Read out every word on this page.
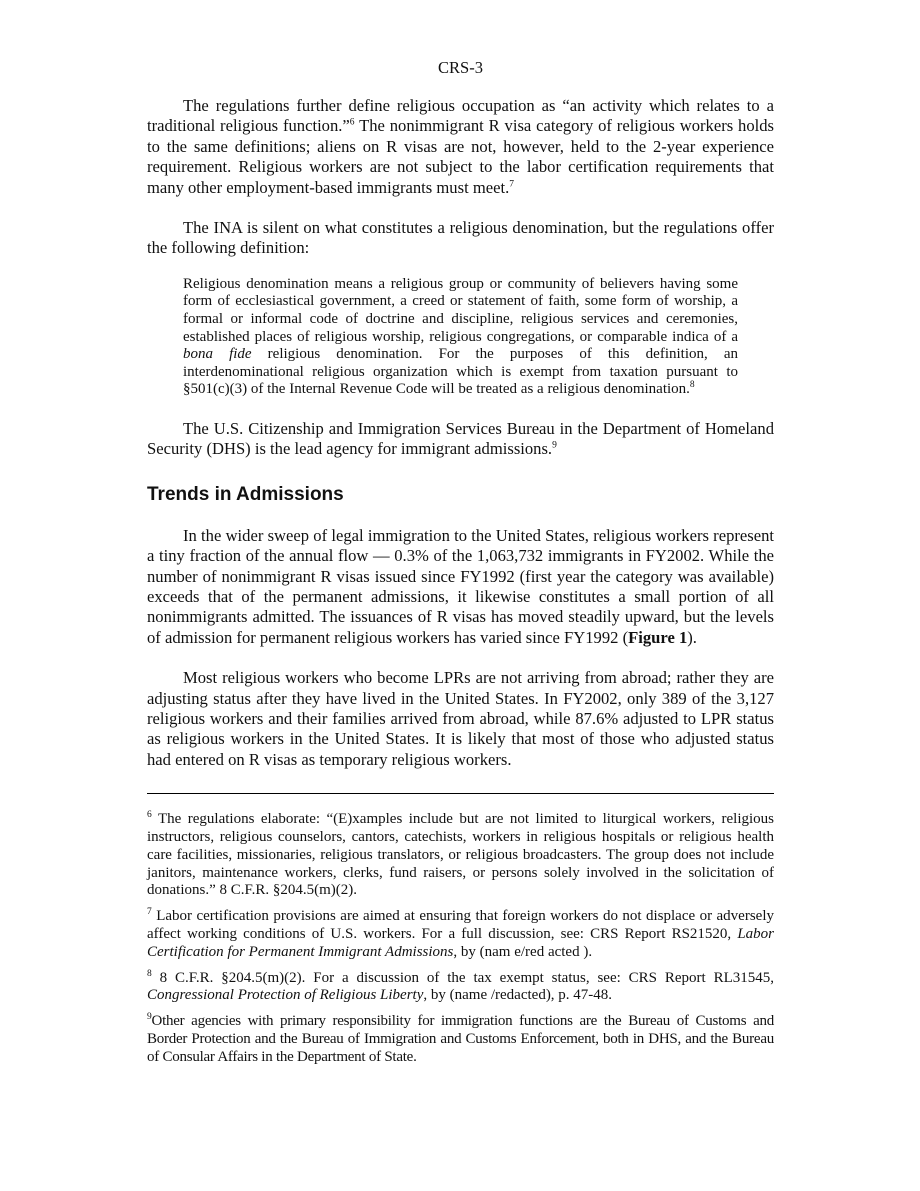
CRS-3

The regulations further define religious occupation as “an activity which relates to a traditional religious function.”$^6$ The nonimmigrant R visa category of religious workers holds to the same definitions; aliens on R visas are not, however, held to the 2-year experience requirement. Religious workers are not subject to the labor certification requirements that many other employment-based immigrants must meet.$^7$

The INA is silent on what constitutes a religious denomination, but the regulations offer the following definition:

Religious denomination means a religious group or community of believers having some form of ecclesiastical government, a creed or statement of faith, some form of worship, a formal or informal code of doctrine and discipline, religious services and ceremonies, established places of religious worship, religious congregations, or comparable indica of a bona fide religious denomination. For the purposes of this definition, an interdenominational religious organization which is exempt from taxation pursuant to §501(c)(3) of the Internal Revenue Code will be treated as a religious denomination.$^8$

The U.S. Citizenship and Immigration Services Bureau in the Department of Homeland Security (DHS) is the lead agency for immigrant admissions.$^9$

Trends in Admissions

In the wider sweep of legal immigration to the United States, religious workers represent a tiny fraction of the annual flow — 0.3% of the 1,063,732 immigrants in FY2002. While the number of nonimmigrant R visas issued since FY1992 (first year the category was available) exceeds that of the permanent admissions, it likewise constitutes a small portion of all nonimmigrants admitted. The issuances of R visas has moved steadily upward, but the levels of admission for permanent religious workers has varied since FY1992 (Figure 1).

Most religious workers who become LPRs are not arriving from abroad; rather they are adjusting status after they have lived in the United States. In FY2002, only 389 of the 3,127 religious workers and their families arrived from abroad, while 87.6% adjusted to LPR status as religious workers in the United States. It is likely that most of those who adjusted status had entered on R visas as temporary religious workers.

$^6$ The regulations elaborate: “(E)xamples include but are not limited to liturgical workers, religious instructors, religious counselors, cantors, catechists, workers in religious hospitals or religious health care facilities, missionaries, religious translators, or religious broadcasters. The group does not include janitors, maintenance workers, clerks, fund raisers, or persons solely involved in the solicitation of donations.” 8 C.F.R. §204.5(m)(2).

$^7$ Labor certification provisions are aimed at ensuring that foreign workers do not displace or adversely affect working conditions of U.S. workers. For a full discussion, see: CRS Report RS21520, Labor Certification for Permanent Immigrant Admissions, by (nam e/red acted ).

$^8$ 8 C.F.R. §204.5(m)(2). For a discussion of the tax exempt status, see: CRS Report RL31545, Congressional Protection of Religious Liberty, by (name /redacted), p. 47-48.

$^9$Other agencies with primary responsibility for immigration functions are the Bureau of Customs and Border Protection and the Bureau of Immigration and Customs Enforcement, both in DHS, and the Bureau of Consular Affairs in the Department of State.
